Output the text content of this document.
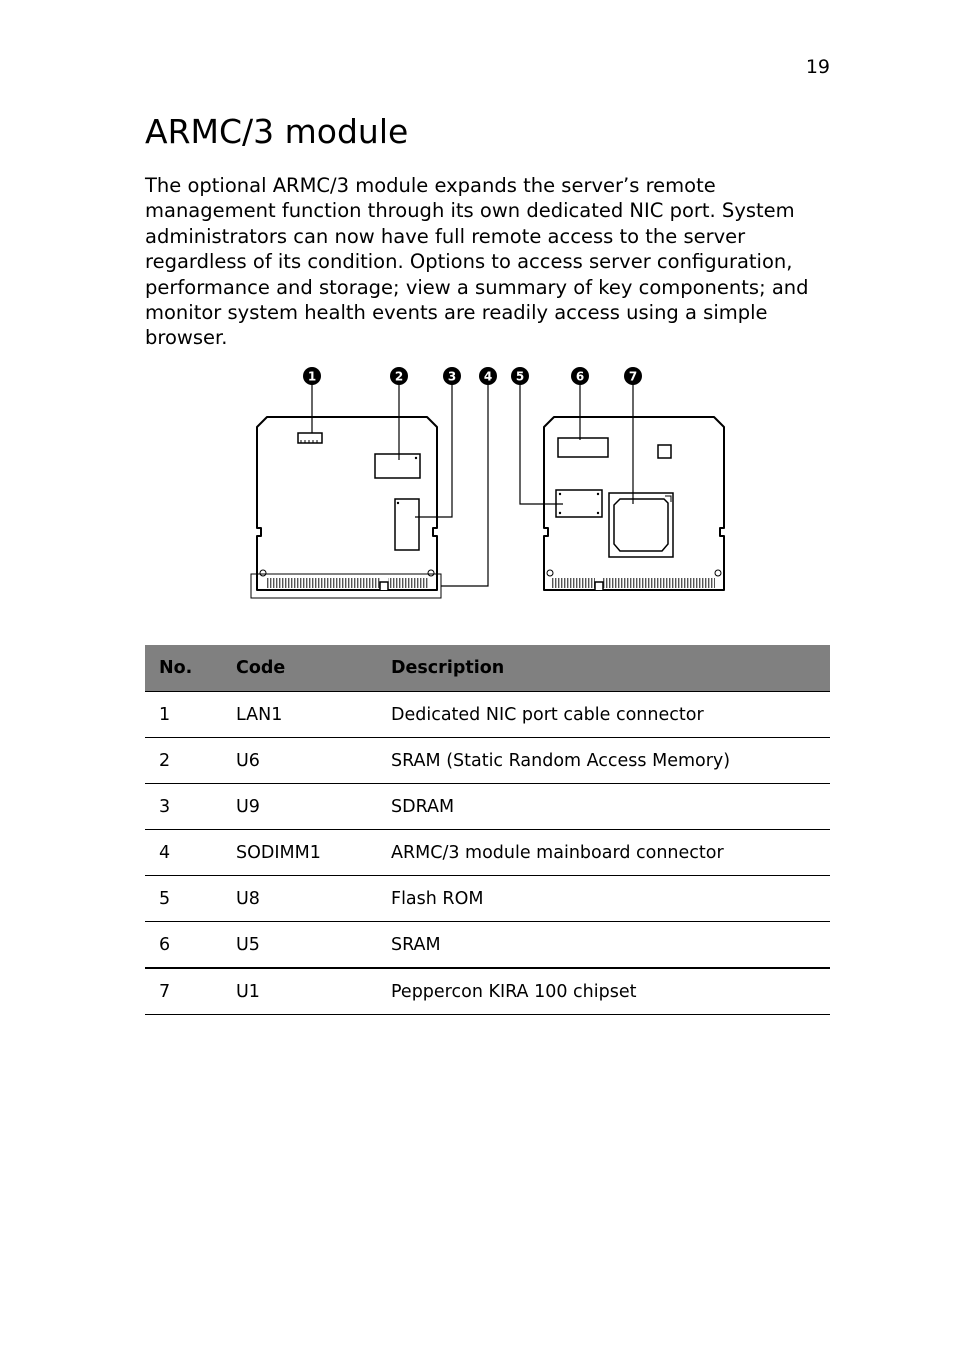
19
ARMC/3 module

The optional ARMC/3 module expands the server’s remote management function through its own dedicated NIC port. System administrators can now have full remote access to the server regardless of its condition. Options to access server configuration, performance and storage; view a summary of key components; and monitor system health events are readily access using a simple browser.

1	2	3 4 5	6	7
No.	Code	Description
1	LAN1	Dedicated NIC port cable connector
2	U6	SRAM (Static Random Access Memory)
3	U9	SDRAM
4	SODIMM1	ARMC/3 module mainboard connector
5	U8	Flash ROM
6	U5	SRAM
7	U1	Peppercon KIRA 100 chipset
